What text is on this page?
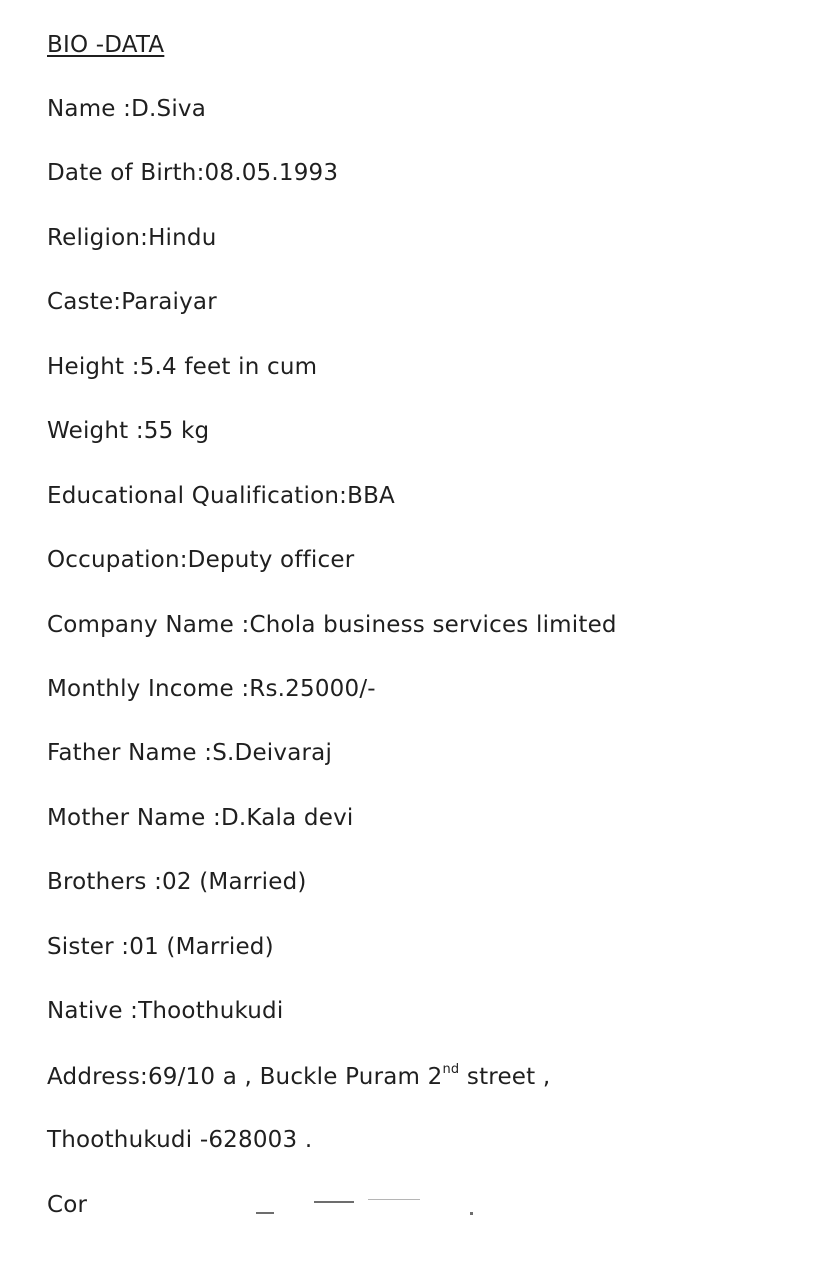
BIO -DATA
Name :D.Siva
Date of Birth:08.05.1993
Religion:Hindu
Caste:Paraiyar
Height :5.4 feet in cum
Weight :55 kg
Educational Qualification:BBA
Occupation:Deputy officer
Company Name :Chola business services limited
Monthly Income :Rs.25000/-
Father Name :S.Deivaraj
Mother Name :D.Kala devi
Brothers :02 (Married)
Sister :01 (Married)
Native :Thoothukudi
Address:69/10 a , Buckle Puram 2nd street ,
Thoothukudi -628003 .
Cor
